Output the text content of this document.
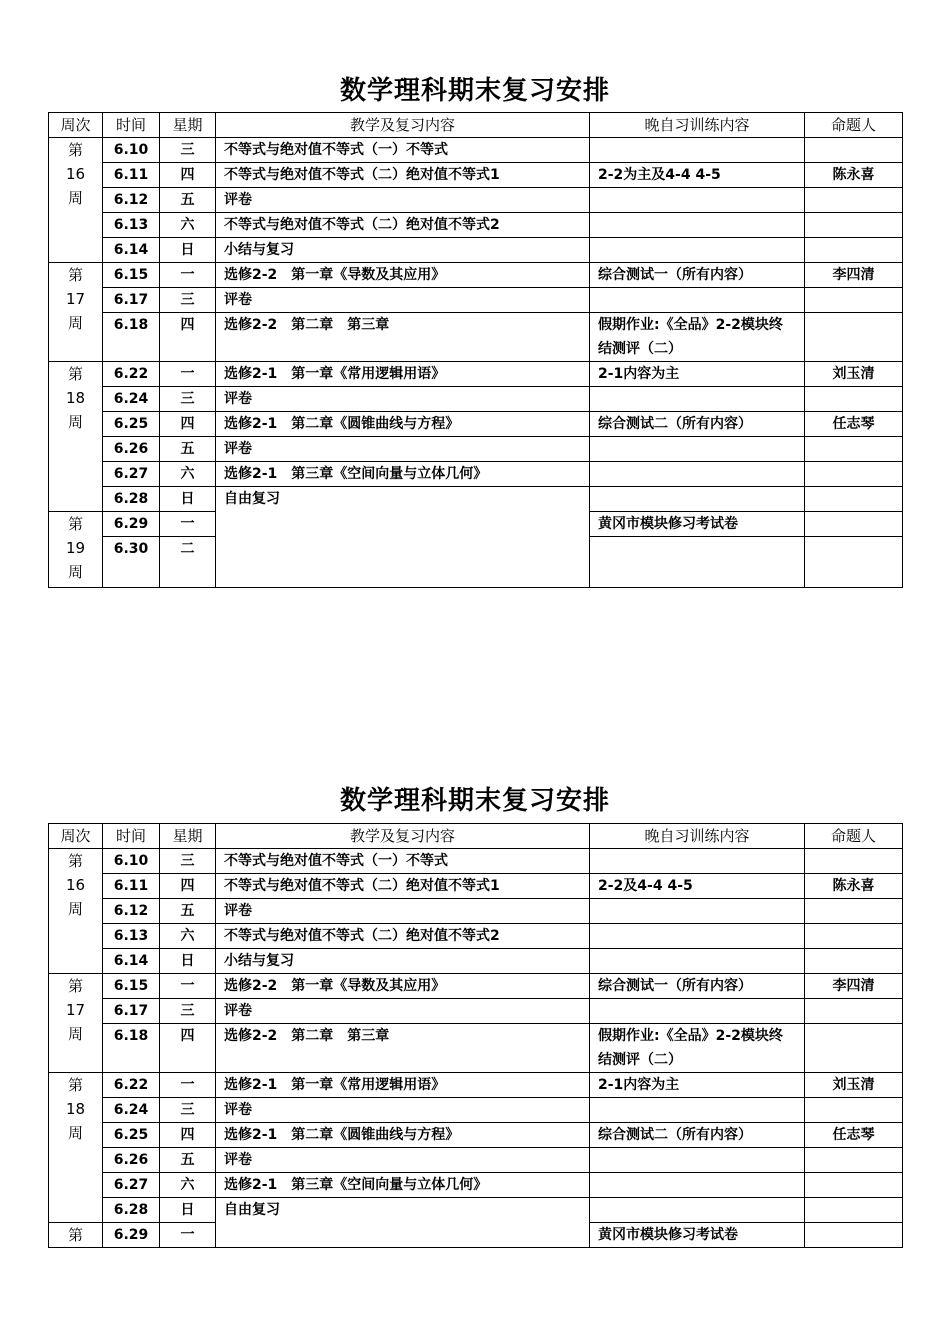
数学理科期末复习安排
周次	时间	星期	教学及复习内容	晚自习训练内容	命题人

第
16
周	6.10	三	不等式与绝对值不等式（一）不等式		
	6.11	四	不等式与绝对值不等式（二）绝对值不等式1	2-2为主及4-4 4-5	陈永喜
	6.12	五	评卷		
	6.13	六	不等式与绝对值不等式（二）绝对值不等式2		
	6.14	日	小结与复习		

第
17
周	6.15	一	选修2-2　第一章《导数及其应用》	综合测试一（所有内容）	李四清
	6.17	三	评卷		
	6.18	四	选修2-2　第二章　第三章	假期作业:《全品》2-2模块终结测评（二）	

第
18
周	6.22	一	选修2-1　第一章《常用逻辑用语》	2-1内容为主	刘玉清
	6.24	三	评卷		
	6.25	四	选修2-1　第二章《圆锥曲线与方程》	综合测试二（所有内容）	任志琴
	6.26	五	评卷		
	6.27	六	选修2-1　第三章《空间向量与立体几何》		
	6.28	日	自由复习		

第
19
周	6.29	一		黄冈市模块修习考试卷	
	6.30	二			
数学理科期末复习安排
周次	时间	星期	教学及复习内容	晚自习训练内容	命题人

第
16
周	6.10	三	不等式与绝对值不等式（一）不等式		
	6.11	四	不等式与绝对值不等式（二）绝对值不等式1	2-2及4-4 4-5	陈永喜
	6.12	五	评卷		
	6.13	六	不等式与绝对值不等式（二）绝对值不等式2		
	6.14	日	小结与复习		

第
17
周	6.15	一	选修2-2　第一章《导数及其应用》	综合测试一（所有内容）	李四清
	6.17	三	评卷		
	6.18	四	选修2-2　第二章　第三章	假期作业:《全品》2-2模块终结测评（二）	

第
18
周	6.22	一	选修2-1　第一章《常用逻辑用语》	2-1内容为主	刘玉清
	6.24	三	评卷		
	6.25	四	选修2-1　第二章《圆锥曲线与方程》	综合测试二（所有内容）	任志琴
	6.26	五	评卷		
	6.27	六	选修2-1　第三章《空间向量与立体几何》		
	6.28	日	自由复习		

第	6.29	一		黄冈市模块修习考试卷	
